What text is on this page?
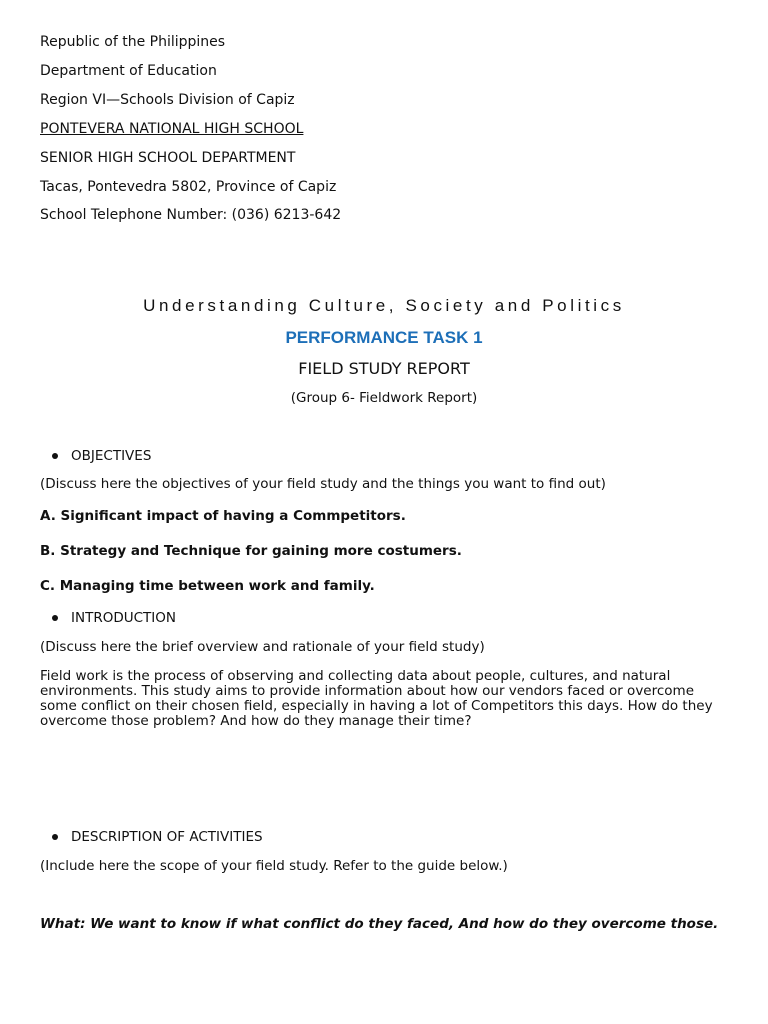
Republic of the Philippines
Department of Education
Region VI—Schools Division of Capiz
PONTEVERA NATIONAL HIGH SCHOOL
SENIOR HIGH SCHOOL DEPARTMENT
Tacas, Pontevedra 5802, Province of Capiz
School Telephone Number: (036) 6213-642
Understanding Culture, Society and Politics
PERFORMANCE TASK 1
FIELD STUDY REPORT
(Group 6- Fieldwork Report)
OBJECTIVES
(Discuss here the objectives of your field study and the things you want to find out)
A. Significant impact of having a Commpetitors.
B. Strategy and Technique for gaining more costumers.
C. Managing time between work and family.
INTRODUCTION
(Discuss here the brief overview and rationale of your field study)
Field work is the process of observing and collecting data about people, cultures, and natural environments. This study aims to provide information about how our vendors faced or overcome some conflict on their chosen field, especially in having a lot of Competitors this days. How do they overcome those problem? And how do they manage their time?
DESCRIPTION OF ACTIVITIES
(Include here the scope of your field study. Refer to the guide below.)
What: We want to know if what conflict do they faced, And how do they overcome those.
